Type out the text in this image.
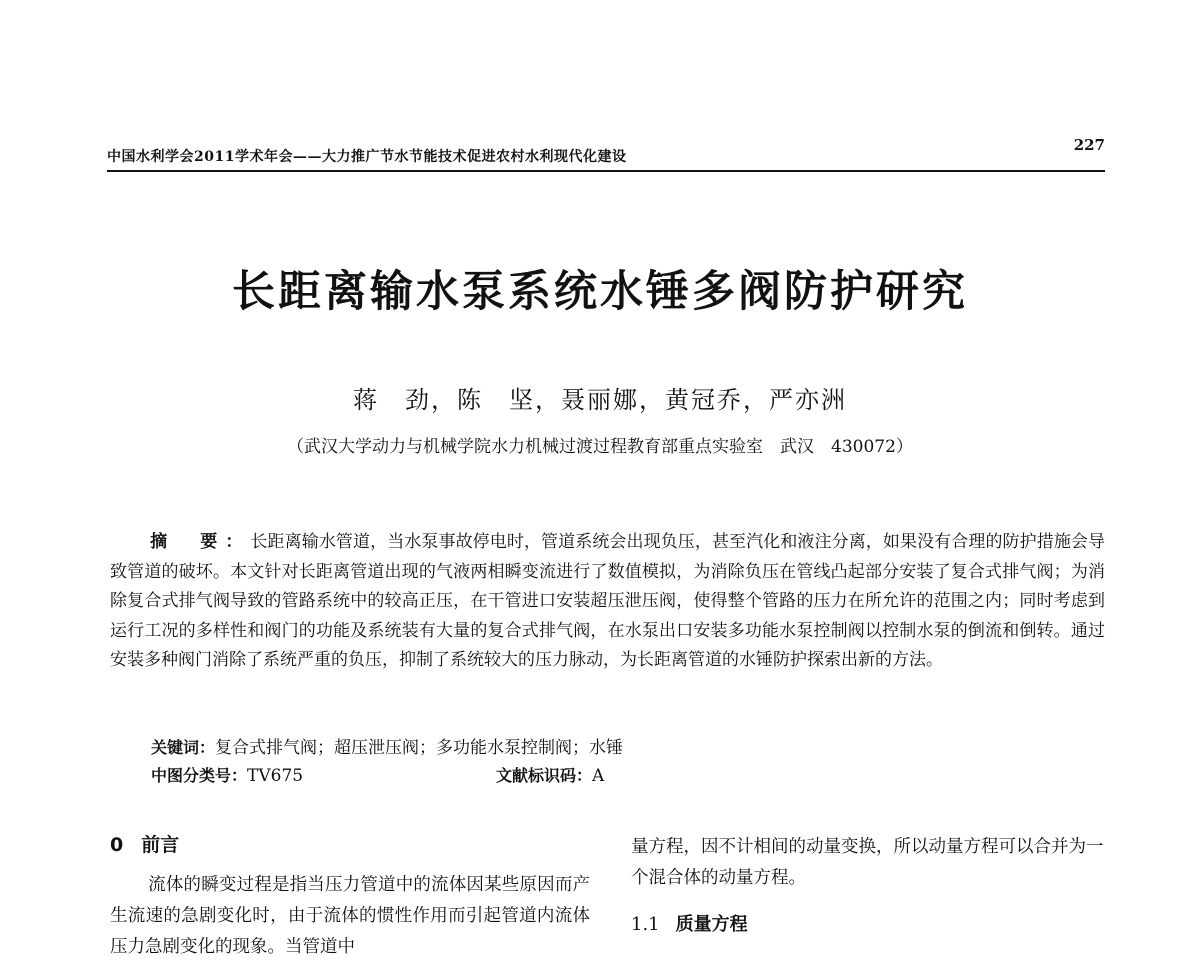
中国水利学会2011学术年会——大力推广节水节能技术促进农村水利现代化建设
227
长距离输水泵系统水锤多阀防护研究
蒋　劲，陈　坚，聂丽娜，黄冠乔，严亦洲
（武汉大学动力与机械学院水力机械过渡过程教育部重点实验室　武汉　430072）

摘　要：长距离输水管道，当水泵事故停电时，管道系统会出现负压，甚至汽化和液注分离，如果没有合理的防护措施会导致管道的破坏。本文针对长距离管道出现的气液两相瞬变流进行了数值模拟，为消除负压在管线凸起部分安装了复合式排气阀；为消除复合式排气阀导致的管路系统中的较高正压，在干管进口安装超压泄压阀，使得整个管路的压力在所允许的范围之内；同时考虑到运行工况的多样性和阀门的功能及系统装有大量的复合式排气阀，在水泵出口安装多功能水泵控制阀以控制水泵的倒流和倒转。通过安装多种阀门消除了系统严重的负压，抑制了系统较大的压力脉动，为长距离管道的水锤防护探索出新的方法。

关键词：复合式排气阀；超压泄压阀；多功能水泵控制阀；水锤
中图分类号：TV675	文献标识码：A
0 前言

流体的瞬变过程是指当压力管道中的流体因某些原因而产生流速的急剧变化时，由于流体的惯性作用而引起管道内流体压力急剧变化的现象。当管道中

量方程，因不计相间的动量变换，所以动量方程可以合并为一个混合体的动量方程。

1.1 质量方程
